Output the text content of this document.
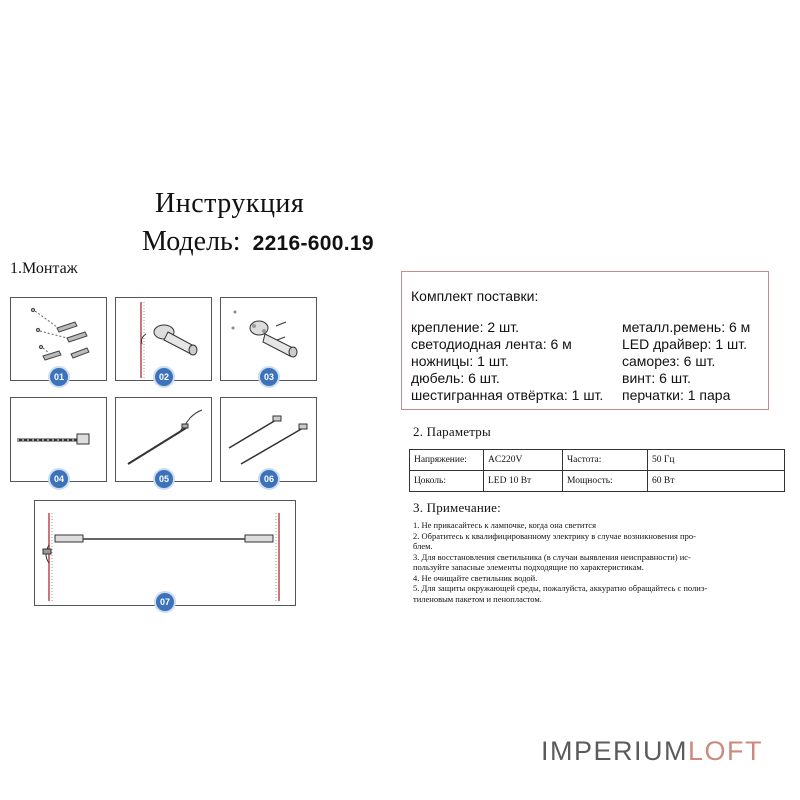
Инструкция
Модель: 2216-600.19
1.Монтаж
01	02	03
04	05	06
07
Комплект поставки:
крепление: 2 шт.
светодиодная лента: 6 м
ножницы: 1 шт.
дюбель: 6 шт.
шестигранная отвёртка: 1 шт.
металл.ремень: 6 м
LED драйвер: 1 шт.
саморез: 6 шт.
винт: 6 шт.
перчатки: 1 пара
2. Параметры
Напряжение:	AC220V	Частота:	50 Гц
Цоколь:	LED 10 Вт	Мощность:	60 Вт
3. Примечание:
1. Не прикасайтесь к лампочке, когда она светится
2. Обратитесь к квалифицированному электрику в случае возникновения про-
блем.
3. Для восстановления светильника (в случаи выявления неисправности) ис-
пользуйте запасные элементы подходящие по характеристикам.
4. Не очищайте светильник водой.
5. Для защиты окружающей среды, пожалуйста, аккуратно обращайтесь с полиэ-
тиленовым пакетом и пенопластом.
IMPERIUMLOFT
